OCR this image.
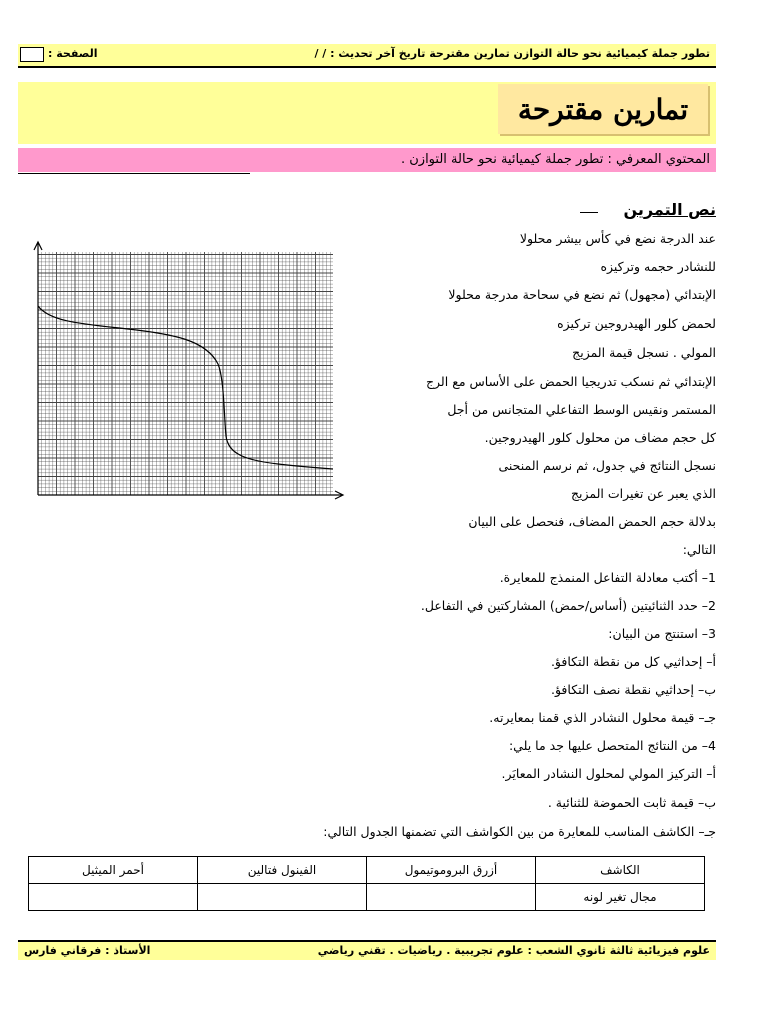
الصفحة :	تطور جملة كيميائية نحو حالة التوازن تمارين مقترحة تاريخ آخر تحديث : / /
تمارين مقترحة
المحتوي المعرفي : تطور جملة كيميائية نحو حالة التوازن .
نص التمرين
عند الدرجة نضع في كأس بيشر محلولا
للنشادر حجمه وتركيزه
الإبتدائي (مجهول) ثم نضع في سحاحة مدرجة محلولا
لحمض كلور الهيدروجين تركيزه
المولي . نسجل قيمة المزيج
الإبتدائي ثم نسكب تدريجيا الحمض على الأساس مع الرج
المستمر ونقيس الوسط التفاعلي المتجانس من أجل
كل حجم مضاف من محلول كلور الهيدروجين.
نسجل النتائج في جدول، ثم نرسم المنحنى
الذي يعبر عن تغيرات المزيج
بدلالة حجم الحمض المضاف، فنحصل على البيان
التالي:
1– أكتب معادلة التفاعل المنمذج للمعايرة.
2– حدد الثنائيتين (أساس/حمض) المشاركتين في التفاعل.
3– استنتج من البيان:
أ– إحداثيي كل من نقطة التكافؤ.
ب– إحداثيي نقطة نصف التكافؤ.
جـ– قيمة محلول النشادر الذي قمنا بمعايرته.
4– من النتائج المتحصل عليها جد ما يلي:
أ– التركيز المولي لمحلول النشادر المعايَر.
ب– قيمة ثابت الحموضة للثنائية .
جـ– الكاشف المناسب للمعايرة من بين الكواشف التي تضمنها الجدول التالي:
الكاشف	أزرق البروموتيمول	الفينول فتالين	أحمر الميثيل
مجال تغير لونه			
الأستاذ : فرقاني فارس	علوم فيزيائية ثالثة ثانوي الشعب : علوم تجريبية . رياضيات . تقني رياضي
